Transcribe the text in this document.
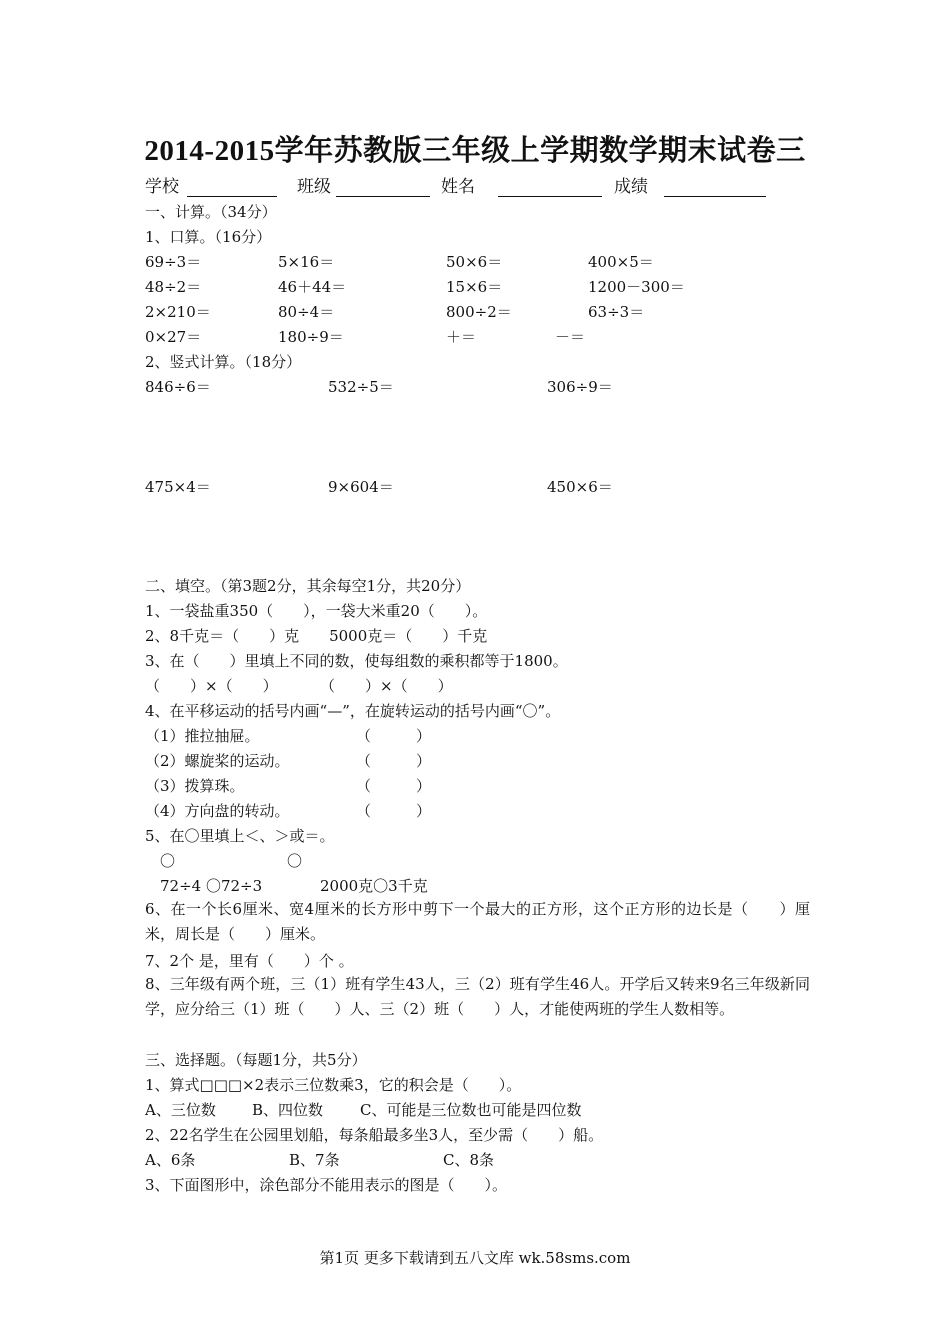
2014-2015学年苏教版三年级上学期数学期末试卷三
学校	班级	姓名	成绩
一、计算。（34分）
1、口算。（16分）
69÷3＝	5×16＝	50×6＝	400×5＝
48÷2＝	46＋44＝	15×6＝	1200－300＝
2×210＝	80÷4＝	800÷2＝	63÷3＝
0×27＝	180÷9＝	＋＝	－＝
2、竖式计算。（18分）
846÷6＝	532÷5＝	306÷9＝
475×4＝	9×604＝	450×6＝
二、填空。（第3题2分，其余每空1分，共20分）
1、一袋盐重350（　　），一袋大米重20（　　）。
2、8千克＝（　　）克　　5000克＝（　　）千克
3、在（　　）里填上不同的数，使每组数的乘积都等于1800。
（　　）×（　　）	（　　）×（　　）
4、在平移运动的括号内画“—”，在旋转运动的括号内画“〇”。
（1）推拉抽屉。	（　　　）
（2）螺旋桨的运动。	（　　　）
（3）拨算珠。	（　　　）
（4）方向盘的转动。	（　　　）
5、在〇里填上＜、＞或＝。
〇	〇
72÷4 〇72÷3	2000克〇3千克
6、在一个长6厘米、宽4厘米的长方形中剪下一个最大的正方形，这个正方形的边长是（　　）厘米，周长是（　　）厘米。
7、2个 是，里有（　　）个 。
8、三年级有两个班，三（1）班有学生43人，三（2）班有学生46人。开学后又转来9名三年级新同学，应分给三（1）班（　　）人、三（2）班（　　）人，才能使两班的学生人数相等。
三、选择题。（每题1分，共5分）
1、算式□□□×2表示三位数乘3，它的积会是（　　）。
A、三位数 B、四位数 C、可能是三位数也可能是四位数
2、22名学生在公园里划船，每条船最多坐3人，至少需（　　）船。
A、6条	B、7条	C、8条
3、下面图形中，涂色部分不能用表示的图是（　　）。
第1页 更多下载请到五八文库 wk.58sms.com
